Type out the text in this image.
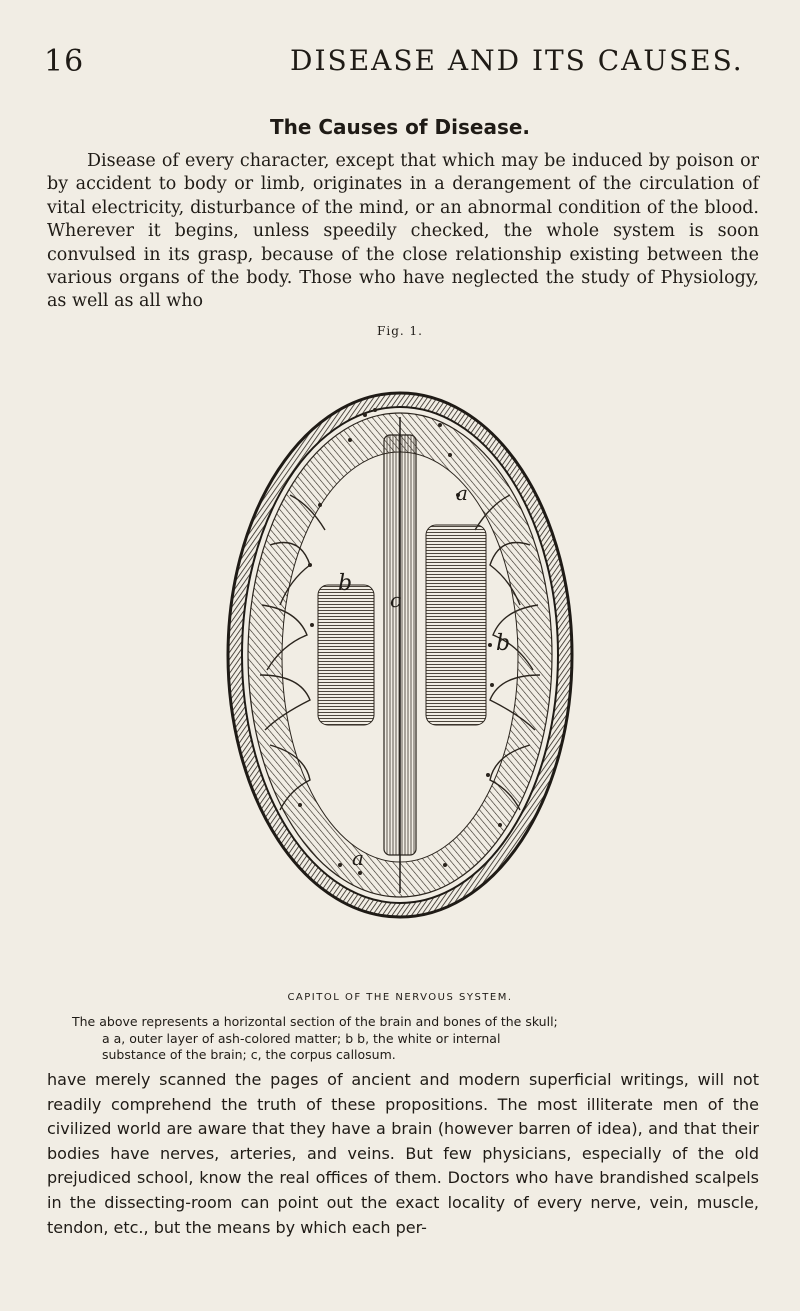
16	DISEASE AND ITS CAUSES.
The Causes of Disease.

Disease of every character, except that which may be induced by poison or by accident to body or limb, originates in a derangement of the circulation of vital electricity, disturbance of the mind, or an abnormal condition of the blood. Wherever it begins, unless speedily checked, the whole system is soon convulsed in its grasp, because of the close relationship existing between the various organs of the body. Those who have neglected the study of Physiology, as well as all who

Fig. 1.
a
b
c
b
a
CAPITOL OF THE NERVOUS SYSTEM.
The above represents a horizontal section of the brain and bones of the skull;
a a, outer layer of ash-colored matter; b b, the white or internal
substance of the brain; c, the corpus callosum.

have merely scanned the pages of ancient and modern superficial writings, will not readily comprehend the truth of these propositions. The most illiterate men of the civilized world are aware that they have a brain (however barren of idea), and that their bodies have nerves, arteries, and veins. But few physicians, especially of the old prejudiced school, know the real offices of them. Doctors who have brandished scalpels in the dissecting-room can point out the exact locality of every nerve, vein, muscle, tendon, etc., but the means by which each per-
